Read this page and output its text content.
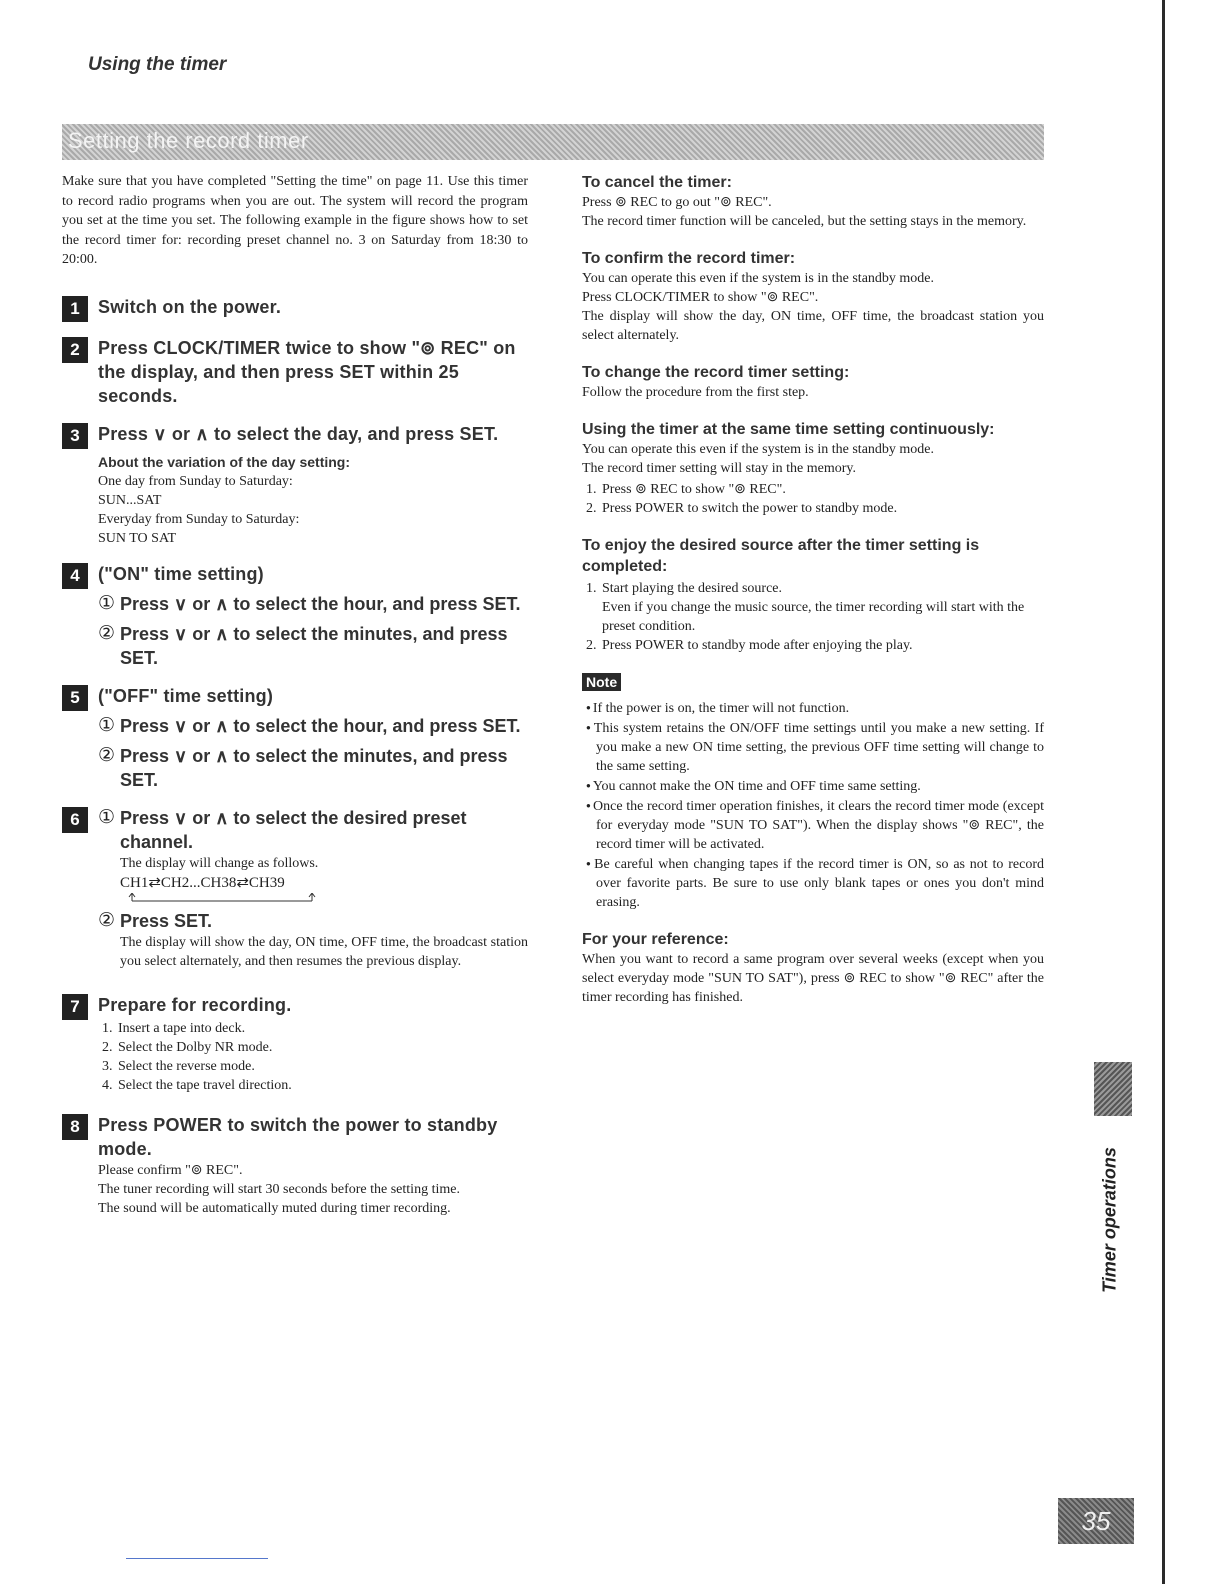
Using the timer
Setting the record timer

Make sure that you have completed "Setting the time" on page 11. Use this timer to record radio programs when you are out. The system will record the program you set at the time you set. The following example in the figure shows how to set the record timer for: recording preset channel no. 3 on Saturday from 18:30 to 20:00.

1	Switch on the power.
2	Press CLOCK/TIMER twice to show "⊚ REC" on the display, and then press SET within 25 seconds.
3	Press ∨ or ∧ to select the day, and press SET.
About the variation of the day setting:
One day from Sunday to Saturday:
SUN...SAT
Everyday from Sunday to Saturday:
SUN TO SAT
4	("ON" time setting)
① Press ∨ or ∧ to select the hour, and press SET.
② Press ∨ or ∧ to select the minutes, and press SET.
5	("OFF" time setting)
① Press ∨ or ∧ to select the hour, and press SET.
② Press ∨ or ∧ to select the minutes, and press SET.
6 ① Press ∨ or ∧ to select the desired preset channel.
The display will change as follows.
CH1⇄CH2...CH38⇄CH39
② Press SET.
The display will show the day, ON time, OFF time, the broadcast station you select alternately, and then resumes the previous display.
7	Prepare for recording.
1. Insert a tape into deck.
2. Select the Dolby NR mode.
3. Select the reverse mode.
4. Select the tape travel direction.
8	Press POWER to switch the power to standby mode.
Please confirm "⊚ REC".
The tuner recording will start 30 seconds before the setting time.
The sound will be automatically muted during timer recording.
To cancel the timer:
Press ⊚ REC to go out "⊚ REC".
The record timer function will be canceled, but the setting stays in the memory.
To confirm the record timer:
You can operate this even if the system is in the standby mode.
Press CLOCK/TIMER to show "⊚ REC".
The display will show the day, ON time, OFF time, the broadcast station you select alternately.
To change the record timer setting:
Follow the procedure from the first step.
Using the timer at the same time setting continuously:
You can operate this even if the system is in the standby mode.
The record timer setting will stay in the memory.
1. Press ⊚ REC to show "⊚ REC".
2. Press POWER to switch the power to standby mode.
To enjoy the desired source after the timer setting is completed:
1. Start playing the desired source.
Even if you change the music source, the timer recording will start with the preset condition.
2. Press POWER to standby mode after enjoying the play.
Note
● If the power is on, the timer will not function.
● This system retains the ON/OFF time settings until you make a new setting. If you make a new ON time setting, the previous OFF time setting will change to the same setting.
● You cannot make the ON time and OFF time same setting.
● Once the record timer operation finishes, it clears the record timer mode (except for everyday mode "SUN TO SAT"). When the display shows "⊚ REC", the record timer will be activated.
● Be careful when changing tapes if the record timer is ON, so as not to record over favorite parts. Be sure to use only blank tapes or ones you don't mind erasing.
For your reference:
When you want to record a same program over several weeks (except when you select everyday mode "SUN TO SAT"), press ⊚ REC to show "⊚ REC" after the timer recording has finished.
Timer operations
35
